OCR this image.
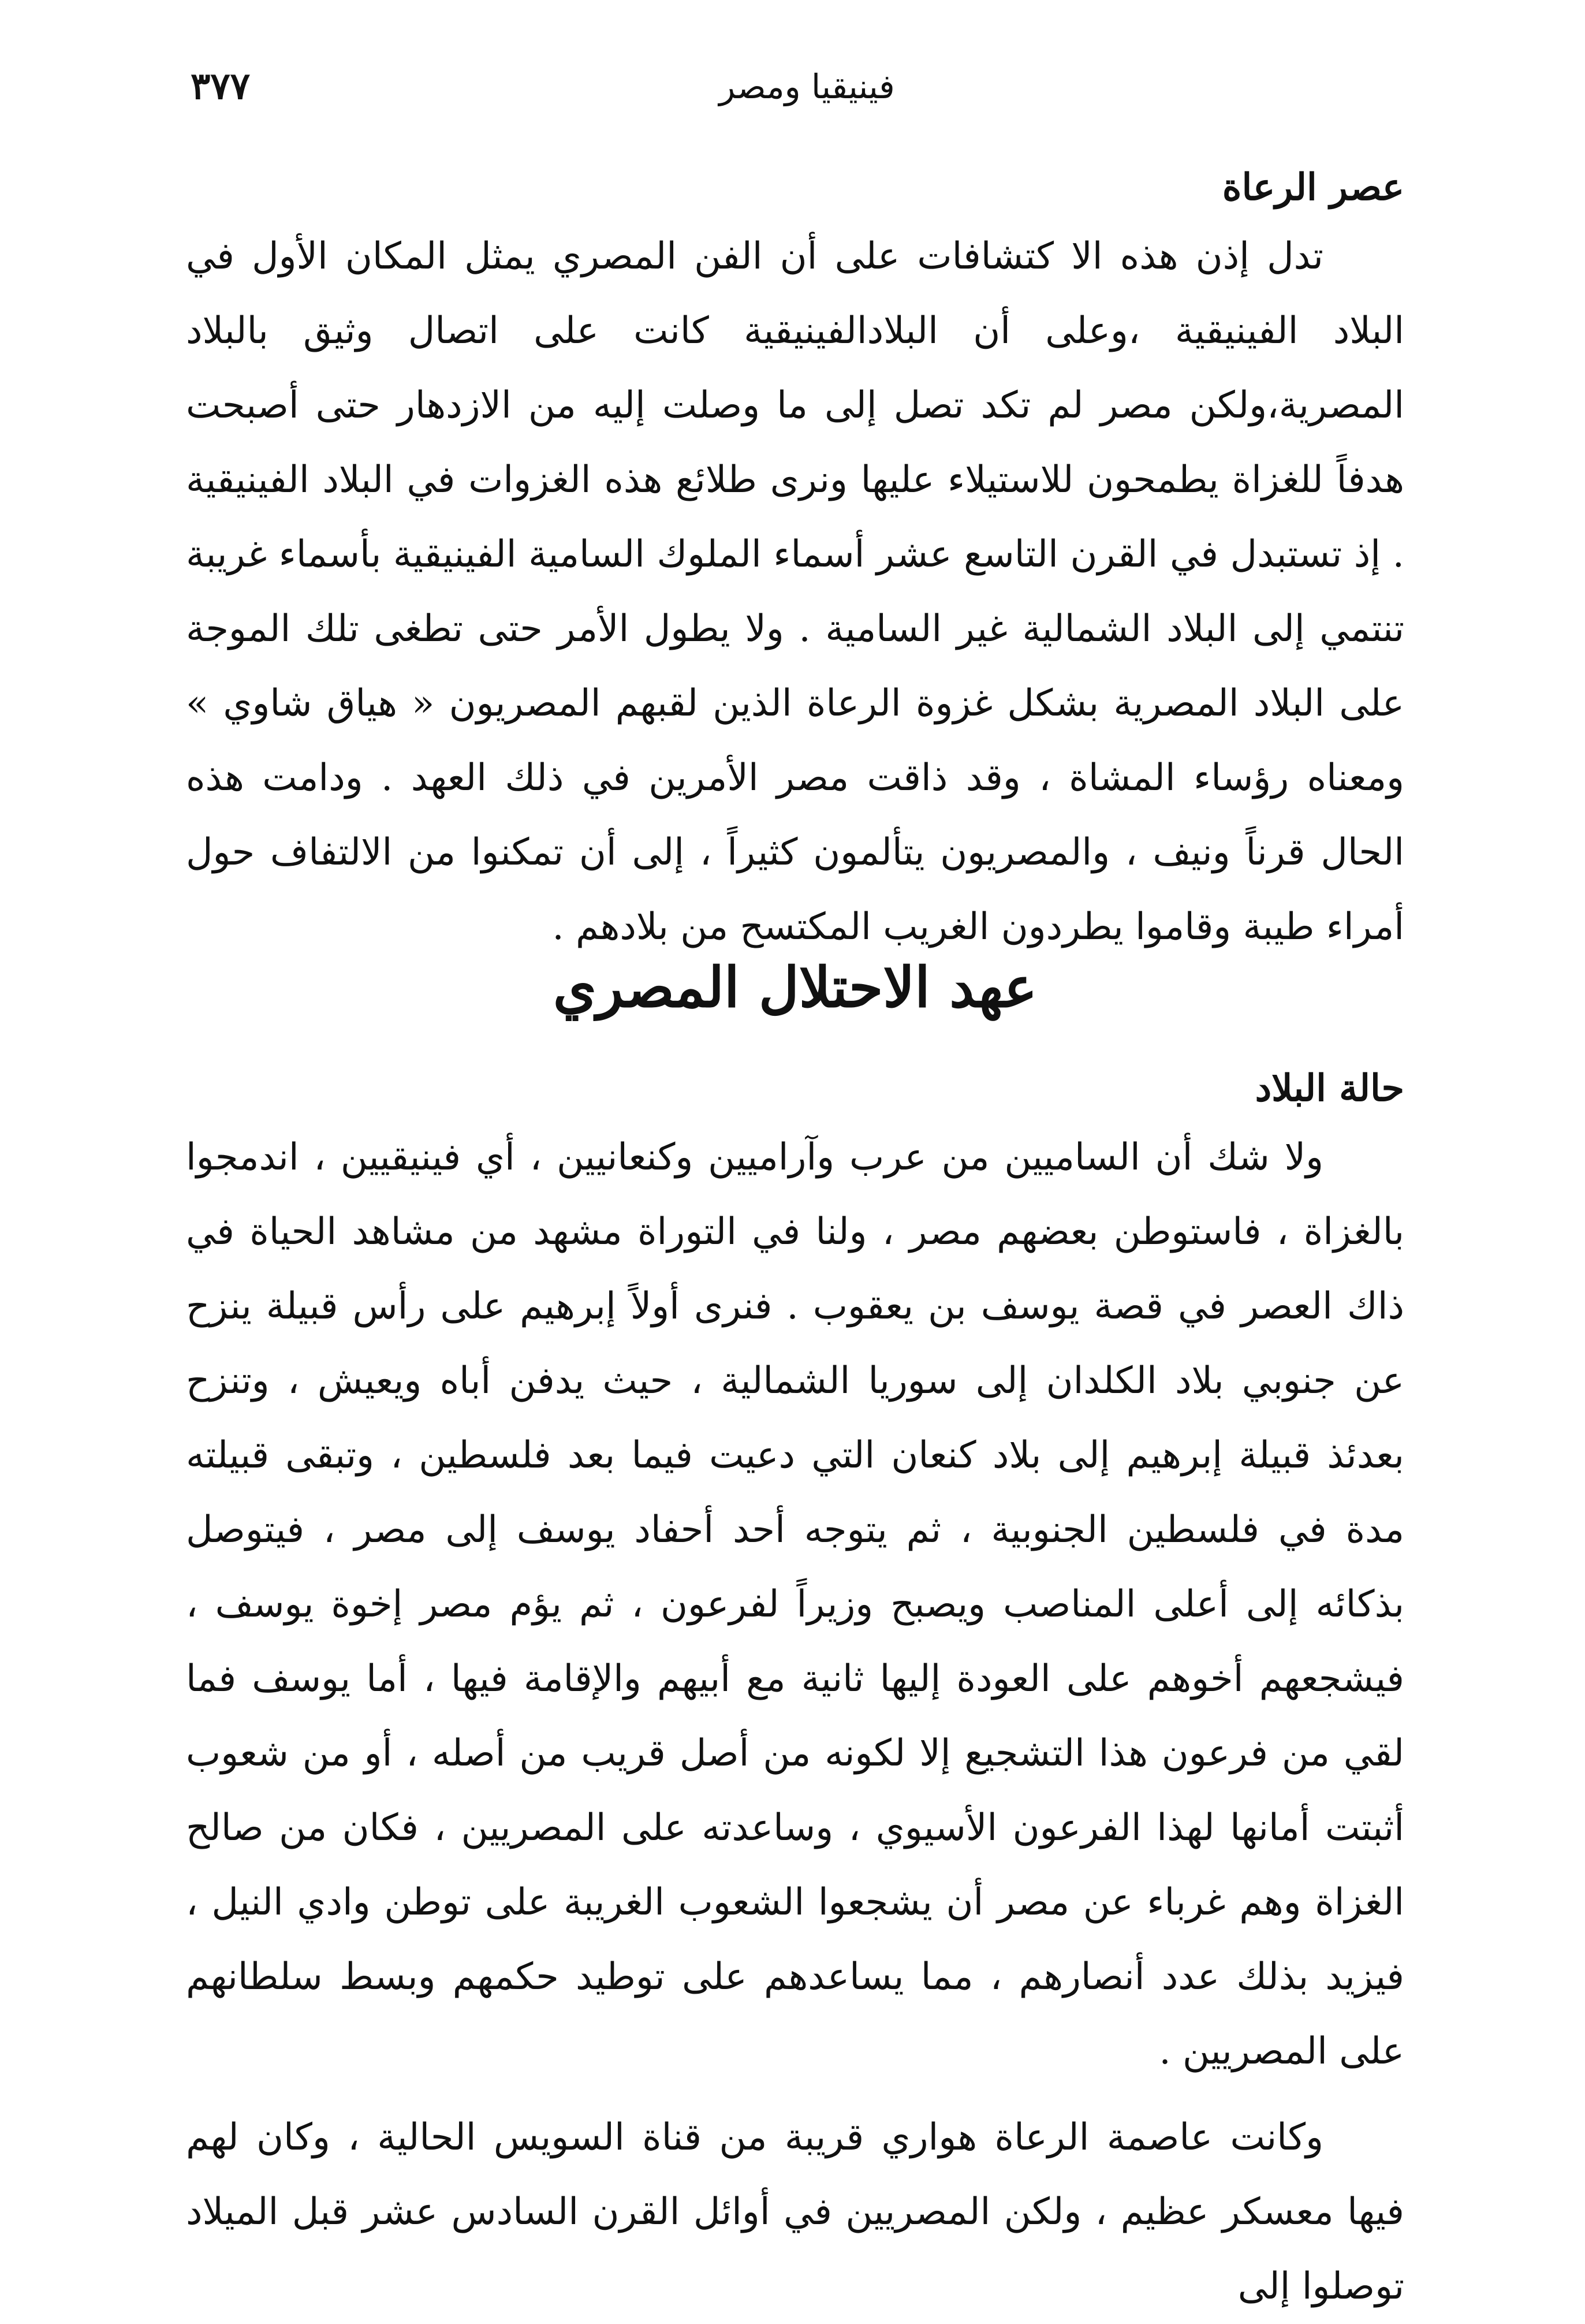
فينيقيا ومصر
٣٧٧
عصر الرعاة

تدل إذن هذه الا كتشافات على أن الفن المصري يمثل المكان الأول في البلاد الفينيقية ،وعلى أن البلادالفينيقية كانت على اتصال وثيق بالبلاد المصرية،ولكن مصر لم تكد تصل إلى ما وصلت إليه من الازدهار حتى أصبحت هدفاً للغزاة يطمحون للاستيلاء عليها ونرى طلائع هذه الغزوات في البلاد الفينيقية . إذ تستبدل في القرن التاسع عشر أسماء الملوك السامية الفينيقية بأسماء غريبة تنتمي إلى البلاد الشمالية غير السامية . ولا يطول الأمر حتى تطغى تلك الموجة على البلاد المصرية بشكل غزوة الرعاة الذين لقبهم المصريون « هياق شاوي » ومعناه رؤساء المشاة ، وقد ذاقت مصر الأمرين في ذلك العهد . ودامت هذه الحال قرناً ونيف ، والمصريون يتألمون كثيراً ، إلى أن تمكنوا من الالتفاف حول أمراء طيبة وقاموا يطردون الغريب المكتسح من بلادهم .

عهد الاحتلال المصري
حالة البلاد

ولا شك أن الساميين من عرب وآراميين وكنعانيين ، أي فينيقيين ، اندمجوا بالغزاة ، فاستوطن بعضهم مصر ، ولنا في التوراة مشهد من مشاهد الحياة في ذاك العصر في قصة يوسف بن يعقوب . فنرى أولاً إبرهيم على رأس قبيلة ينزح عن جنوبي بلاد الكلدان إلى سوريا الشمالية ، حيث يدفن أباه ويعيش ، وتنزح بعدئذ قبيلة إبرهيم إلى بلاد كنعان التي دعيت فيما بعد فلسطين ، وتبقى قبيلته مدة في فلسطين الجنوبية ، ثم يتوجه أحد أحفاد يوسف إلى مصر ، فيتوصل بذكائه إلى أعلى المناصب ويصبح وزيراً لفرعون ، ثم يؤم مصر إخوة يوسف ، فيشجعهم أخوهم على العودة إليها ثانية مع أبيهم والإقامة فيها ، أما يوسف فما لقي من فرعون هذا التشجيع إلا لكونه من أصل قريب من أصله ، أو من شعوب أثبتت أمانها لهذا الفرعون الأسيوي ، وساعدته على المصريين ، فكان من صالح الغزاة وهم غرباء عن مصر أن يشجعوا الشعوب الغريبة على توطن وادي النيل ، فيزيد بذلك عدد أنصارهم ، مما يساعدهم على توطيد حكمهم وبسط سلطانهم على المصريين .

وكانت عاصمة الرعاة هواري قريبة من قناة السويس الحالية ، وكان لهم فيها معسكر عظيم ، ولكن المصريين في أوائل القرن السادس عشر قبل الميلاد توصلوا إلى
